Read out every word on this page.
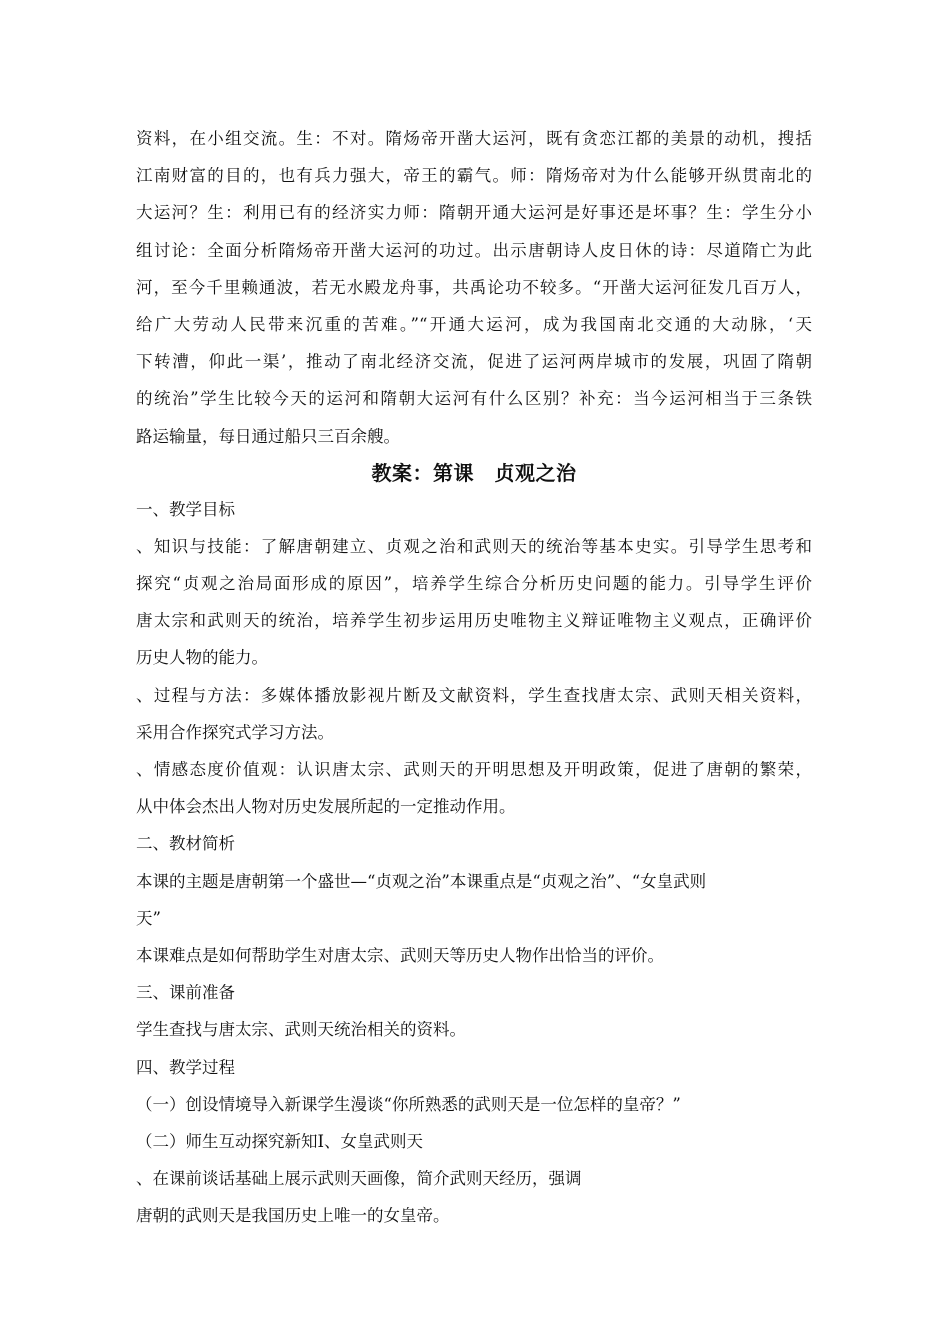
资料，在小组交流。生：不对。隋炀帝开凿大运河，既有贪恋江都的美景的动机，搜括
江南财富的目的，也有兵力强大，帝王的霸气。师：隋炀帝对为什么能够开纵贯南北的
大运河？生：利用已有的经济实力师：隋朝开通大运河是好事还是坏事？生：学生分小
组讨论：全面分析隋炀帝开凿大运河的功过。出示唐朝诗人皮日休的诗：尽道隋亡为此
河，至今千里赖通波，若无水殿龙舟事，共禹论功不较多。“开凿大运河征发几百万人，
给广大劳动人民带来沉重的苦难。”“开通大运河，成为我国南北交通的大动脉，‘天
下转漕，仰此一渠’，推动了南北经济交流，促进了运河两岸城市的发展，巩固了隋朝
的统治”学生比较今天的运河和隋朝大运河有什么区别？补充：当今运河相当于三条铁
路运输量，每日通过船只三百余艘。
教案：第课　贞观之治
一、教学目标
、知识与技能：了解唐朝建立、贞观之治和武则天的统治等基本史实。引导学生思考和
探究“贞观之治局面形成的原因”，培养学生综合分析历史问题的能力。引导学生评价
唐太宗和武则天的统治，培养学生初步运用历史唯物主义辩证唯物主义观点，正确评价
历史人物的能力。
、过程与方法：多媒体播放影视片断及文献资料，学生查找唐太宗、武则天相关资料，
采用合作探究式学习方法。
、情感态度价值观：认识唐太宗、武则天的开明思想及开明政策，促进了唐朝的繁荣，
从中体会杰出人物对历史发展所起的一定推动作用。
二、教材简析
本课的主题是唐朝第一个盛世—“贞观之治”本课重点是“贞观之治”、“女皇武则
天”
本课难点是如何帮助学生对唐太宗、武则天等历史人物作出恰当的评价。
三、课前准备
学生查找与唐太宗、武则天统治相关的资料。
四、教学过程
（一）创设情境导入新课学生漫谈“你所熟悉的武则天是一位怎样的皇帝？”
（二）师生互动探究新知Ⅰ、女皇武则天
、在课前谈话基础上展示武则天画像，简介武则天经历，强调
唐朝的武则天是我国历史上唯一的女皇帝。
